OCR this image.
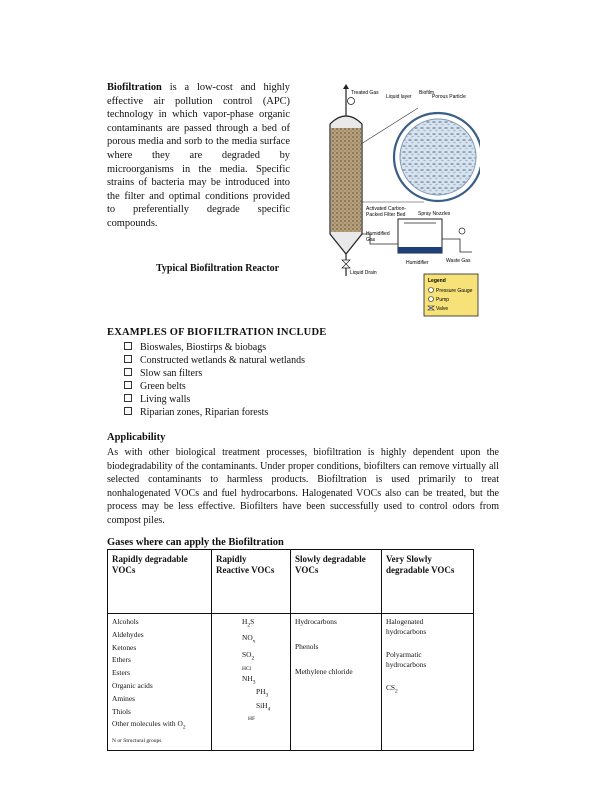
Biofiltration is a low-cost and highly effective air pollution control (APC) technology in which vapor-phase organic contaminants are passed through a bed of porous media and sorb to the media surface where they are degraded by microorganisms in the media. Specific strains of bacteria may be introduced into the filter and optimal conditions provided to preferentially degrade specific compounds.
Typical Biofiltration Reactor
Treated Gas
Liquid Drain
Liquid layer
Biofilm
Porous Particle
Activated Carbon-
Packed Filter Bed	Spray Nozzles
Humidified
Gas
Waste Gas
Humidifier
Legend
Pressure Gauge
Pump
Valve
EXAMPLES OF BIOFILTRATION INCLUDE
Bioswales, Biostirps & biobags
Constructed wetlands & natural wetlands
Slow san filters
Green belts
Living walls
Riparian zones, Riparian forests
Applicability
As with other biological treatment processes, biofiltration is highly dependent upon the biodegradability of the contaminants. Under proper conditions, biofilters can remove virtually all selected contaminants to harmless products. Biofiltration is used primarily to treat nonhalogenated VOCs and fuel hydrocarbons. Halogenated VOCs also can be treated, but the process may be less effective. Biofilters have been successfully used to control odors from compost piles.
Gases where can apply the Biofiltration
Rapidly degradable
VOCs
Rapidly
Reactive VOCs
Slowly degradable
VOCs
Very Slowly
degradable VOCs
Alcohols
Aldehydes
Ketones
Ethers
Esters
Organic acids
Amines
Thiols
Other molecules with $O_2$
N or Structural groups
$H_2S$
$NO_x$
$SO_2$
HCl
$NH_3$
$PH_3$
SiH$_4$
HF
Hydrocarbons
Phenols
Methylene chloride
Halogenated
hydrocarbons
Polyarmatic
hydrocarbons
$CS_2$
